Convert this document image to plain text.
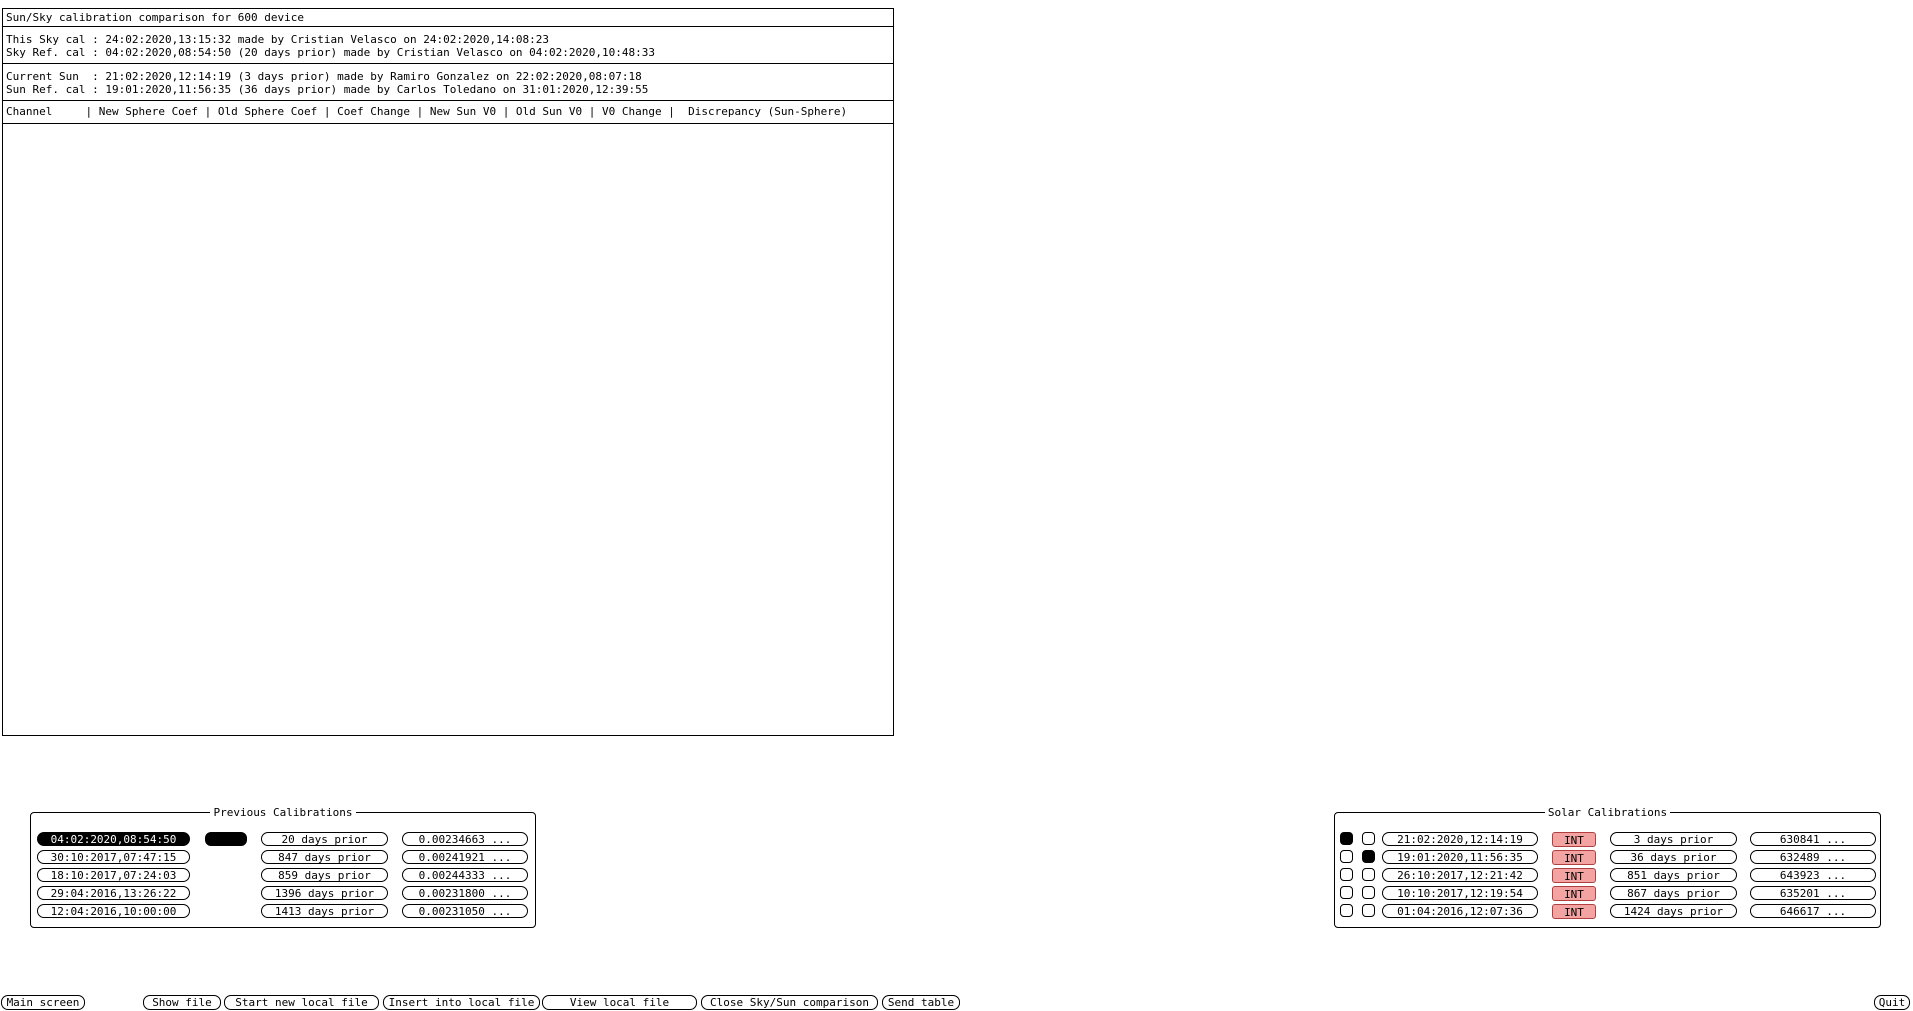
Sun/Sky calibration comparison for 600 device
This Sky cal : 24:02:2020,13:15:32 made by Cristian Velasco on 24:02:2020,14:08:23
Sky Ref. cal : 04:02:2020,08:54:50 (20 days prior) made by Cristian Velasco on 04:02:2020,10:48:33
Current Sun  : 21:02:2020,12:14:19 (3 days prior) made by Ramiro Gonzalez on 22:02:2020,08:07:18
Sun Ref. cal : 19:01:2020,11:56:35 (36 days prior) made by Carlos Toledano on 31:01:2020,12:39:55
Channel     | New Sphere Coef | Old Sphere Coef | Coef Change | New Sun V0 | Old Sun V0 | V0 Change |  Discrepancy (Sun-Sphere)
Previous Calibrations
04:02:2020,08:54:50	20 days prior	0.00234663 ...
30:10:2017,07:47:15	847 days prior	0.00241921 ...
18:10:2017,07:24:03	859 days prior	0.00244333 ...
29:04:2016,13:26:22	1396 days prior	0.00231800 ...
12:04:2016,10:00:00	1413 days prior	0.00231050 ...
Solar Calibrations
21:02:2020,12:14:19	INT	3 days prior	630841 ...
19:01:2020,11:56:35	INT	36 days prior	632489 ...
26:10:2017,12:21:42	INT	851 days prior	643923 ...
10:10:2017,12:19:54	INT	867 days prior	635201 ...
01:04:2016,12:07:36	INT	1424 days prior	646617 ...
Main screen	Show file	Start new local file	Insert into local file	View local file	Close Sky/Sun comparison	Send table	Quit
